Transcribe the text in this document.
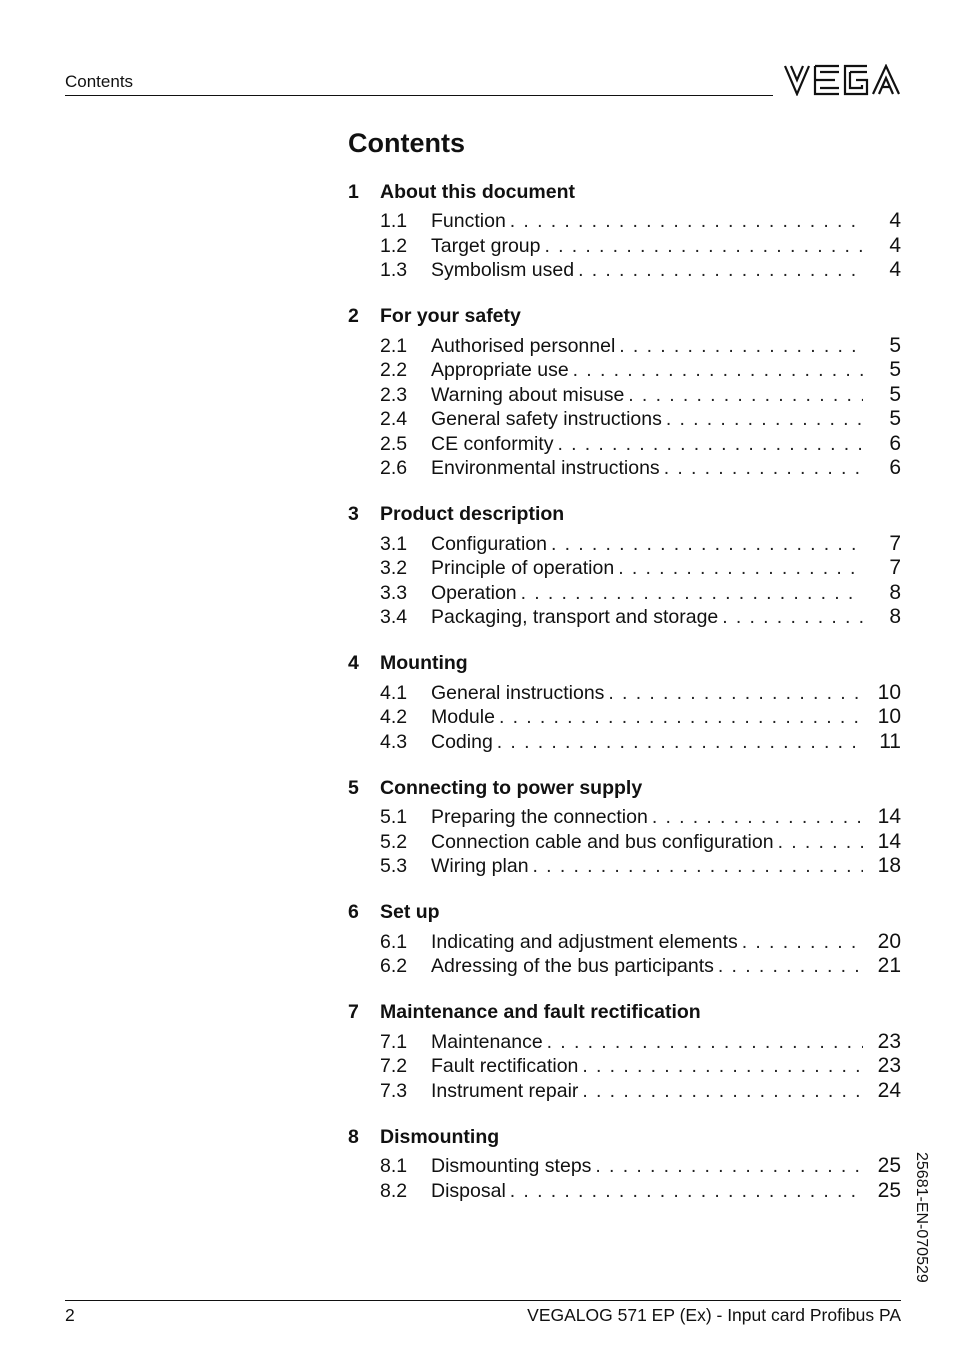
Contents
Contents
1	About this document
1.1	Function . . .	4
1.2	Target group . . .	4
1.3	Symbolism used . . .	4
2	For your safety
2.1	Authorised personnel . . .	5
2.2	Appropriate use . . .	5
2.3	Warning about misuse . . .	5
2.4	General safety instructions . . .	5
2.5	CE conformity . . .	6
2.6	Environmental instructions . . .	6
3	Product description
3.1	Configuration . . .	7
3.2	Principle of operation . . .	7
3.3	Operation . . .	8
3.4	Packaging, transport and storage . . .	8
4	Mounting
4.1	General instructions . . .	10
4.2	Module . . .	10
4.3	Coding . . .	11
5	Connecting to power supply
5.1	Preparing the connection . . .	14
5.2	Connection cable and bus configuration . . .	14
5.3	Wiring plan . . .	18
6	Set up
6.1	Indicating and adjustment elements . . .	20
6.2	Adressing of the bus participants . . .	21
7	Maintenance and fault rectification
7.1	Maintenance . . .	23
7.2	Fault rectification . . .	23
7.3	Instrument repair . . .	24
8	Dismounting
8.1	Dismounting steps . . .	25
8.2	Disposal . . .	25 25681-EN-070529
2	VEGALOG 571 EP (Ex) - Input card Profibus PA
